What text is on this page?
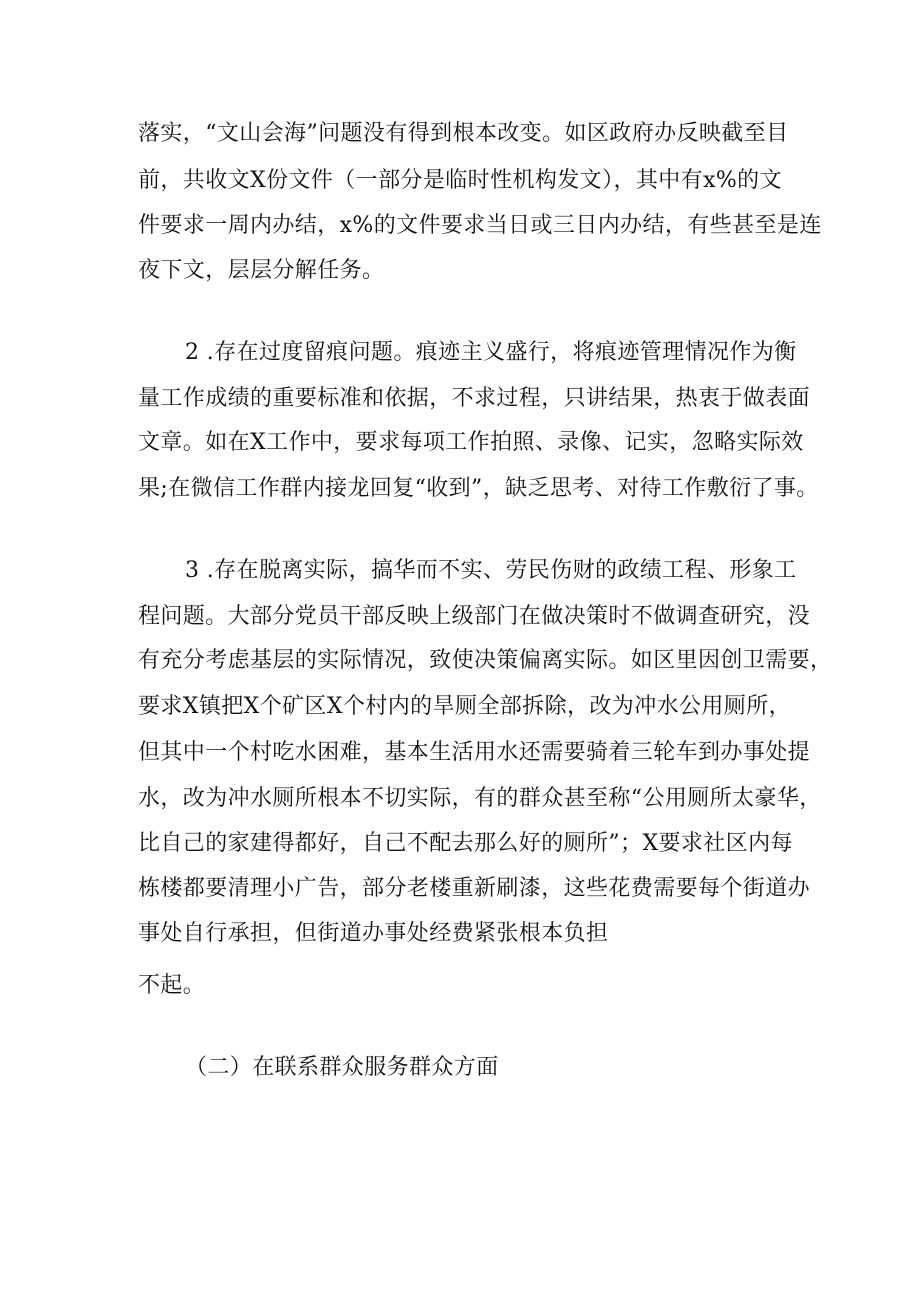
落实，“文山会海”问题没有得到根本改变。如区政府办反映截至目
前，共收文X份文件（一部分是临时性机构发文），其中有x%的文
件要求一周内办结，x%的文件要求当日或三日内办结，有些甚至是连
夜下文，层层分解任务。
2 .存在过度留痕问题。痕迹主义盛行，将痕迹管理情况作为衡
量工作成绩的重要标准和依据，不求过程，只讲结果，热衷于做表面
文章。如在X工作中，要求每项工作拍照、录像、记实，忽略实际效
果;在微信工作群内接龙回复“收到”，缺乏思考、对待工作敷衍了事。
3 .存在脱离实际，搞华而不实、劳民伤财的政绩工程、形象工
程问题。大部分党员干部反映上级部门在做决策时不做调查研究，没
有充分考虑基层的实际情况，致使决策偏离实际。如区里因创卫需要，
要求X镇把X个矿区X个村内的旱厕全部拆除，改为冲水公用厕所，
但其中一个村吃水困难，基本生活用水还需要骑着三轮车到办事处提
水，改为冲水厕所根本不切实际，有的群众甚至称“公用厕所太豪华，
比自己的家建得都好，自己不配去那么好的厕所”；X要求社区内每
栋楼都要清理小广告，部分老楼重新刷漆，这些花费需要每个街道办
事处自行承担，但街道办事处经费紧张根本负担
不起。
（二）在联系群众服务群众方面
